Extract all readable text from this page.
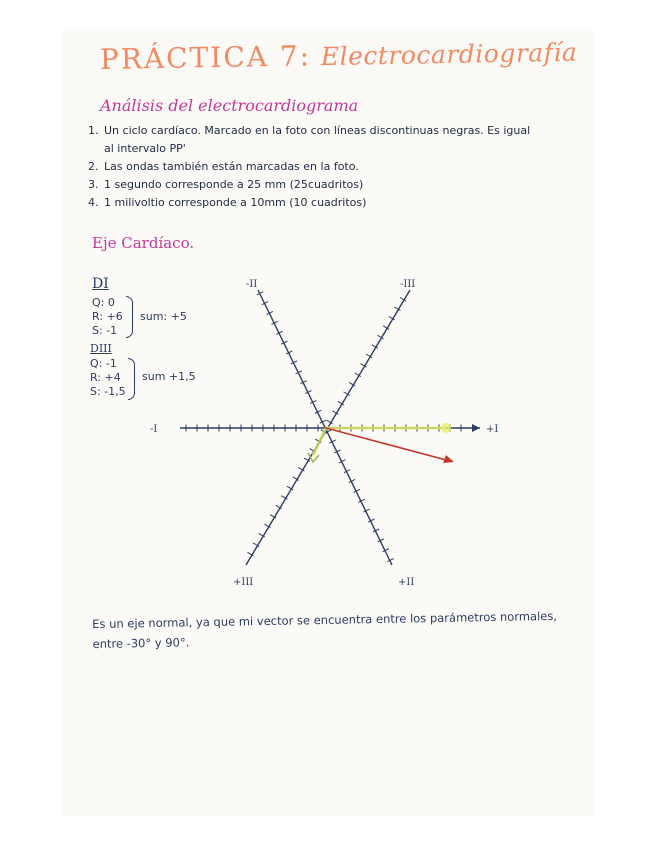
PRÁCTICA 7: Electrocardiografía
Análisis del electrocardiograma
1. Un ciclo cardíaco. Marcado en la foto con líneas discontinuas negras. Es igual
al intervalo PP'
2. Las ondas también están marcadas en la foto.
3. 1 segundo corresponde a 25 mm (25cuadritos)
4. 1 milivoltio corresponde a 10mm (10 cuadritos)
Eje Cardíaco.
DI
Q: 0
R: +6
S: -1
sum: +5
DIII
Q: -1
R: +4
S: -1,5
sum +1,5
-I	+I
-II
+II
-III
+III
Es un eje normal, ya que mi vector se encuentra entre los parámetros normales,
entre -30° y 90°.
